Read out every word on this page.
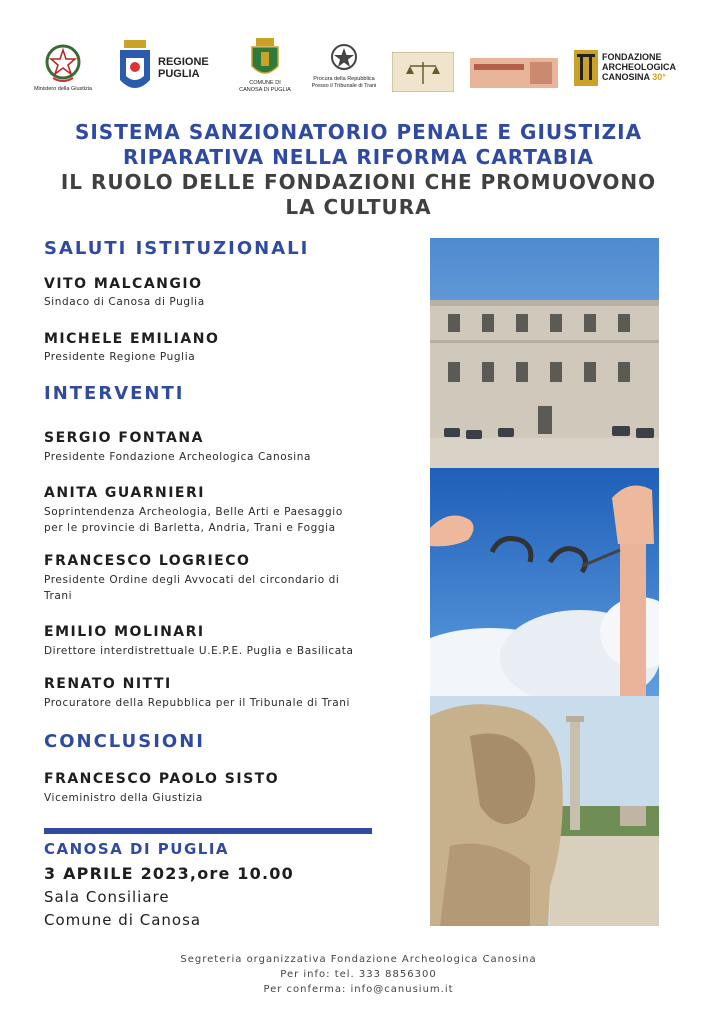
Ministero della Giustizia
REGIONE
PUGLIA
COMUNE DI
CANOSA DI PUGLIA
Procura della Repubblica
Presso il Tribunale di Trani
FONDAZIONE
ARCHEOLOGICA
CANOSINA 30°
SISTEMA SANZIONATORIO PENALE E GIUSTIZIA
RIPARATIVA NELLA RIFORMA CARTABIA
IL RUOLO DELLE FONDAZIONI CHE PROMUOVONO
LA CULTURA
SALUTI ISTITUZIONALI
VITO MALCANGIO
Sindaco di Canosa di Puglia
MICHELE EMILIANO
Presidente Regione Puglia
INTERVENTI
SERGIO FONTANA
Presidente Fondazione Archeologica Canosina
ANITA GUARNIERI
Soprintendenza Archeologia, Belle Arti e Paesaggio
per le provincie di Barletta, Andria, Trani e Foggia
FRANCESCO LOGRIECO
Presidente Ordine degli Avvocati del circondario di
Trani
EMILIO MOLINARI
Direttore interdistrettuale U.E.P.E. Puglia e Basilicata
RENATO NITTI
Procuratore della Repubblica per il Tribunale di Trani
CONCLUSIONI
FRANCESCO PAOLO SISTO
Viceministro della Giustizia
CANOSA DI PUGLIA
3 APRILE 2023,ore 10.00
Sala Consiliare
Comune di Canosa
Segreteria organizzativa Fondazione Archeologica Canosina
Per info: tel. 333 8856300
Per conferma: info@canusium.it
